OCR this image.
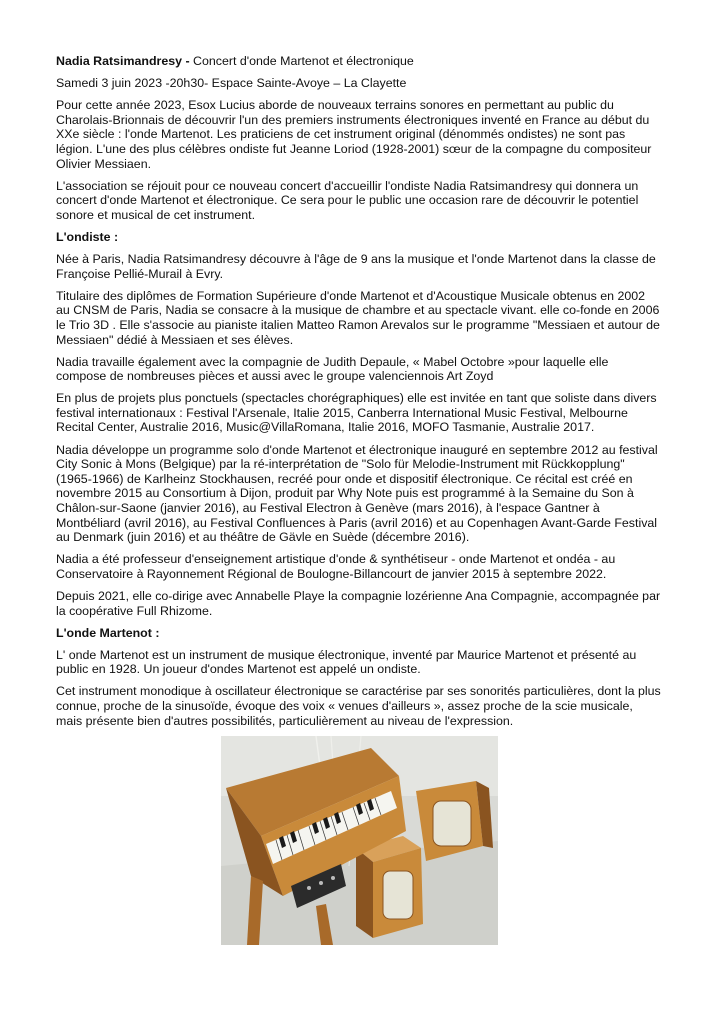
Nadia Ratsimandresy - Concert d'onde Martenot et électronique

Samedi 3 juin 2023 -20h30- Espace Sainte-Avoye – La Clayette

Pour cette année 2023, Esox Lucius aborde de nouveaux terrains sonores en permettant au public du Charolais-Brionnais de découvrir l'un des premiers instruments électroniques inventé en France au début du XXe siècle : l'onde Martenot. Les praticiens de cet instrument original (dénommés ondistes) ne sont pas légion. L'une des plus célèbres ondiste fut Jeanne Loriod (1928-2001) sœur de la compagne du compositeur Olivier Messiaen.

L'association se réjouit pour ce nouveau concert d'accueillir l'ondiste Nadia Ratsimandresy qui donnera un concert d'onde Martenot et électronique. Ce sera pour le public une occasion rare de découvrir le potentiel sonore et musical de cet instrument.

L'ondiste :

Née à Paris, Nadia Ratsimandresy découvre à l'âge de 9 ans la musique et l'onde Martenot dans la classe de Françoise Pellié-Murail à Evry.

Titulaire des diplômes de Formation Supérieure d'onde Martenot et d'Acoustique Musicale obtenus en 2002 au CNSM de Paris, Nadia se consacre à la musique de chambre et au spectacle vivant. elle co-fonde en 2006 le Trio 3D . Elle s'associe au pianiste italien Matteo Ramon Arevalos sur le programme "Messiaen et autour de Messiaen" dédié à Messiaen et ses élèves.

Nadia travaille également avec la compagnie de Judith Depaule, « Mabel Octobre »pour laquelle elle compose de nombreuses pièces et aussi avec le groupe valenciennois Art Zoyd

En plus de projets plus ponctuels (spectacles chorégraphiques) elle est invitée en tant que soliste dans divers festival internationaux : Festival l'Arsenale, Italie 2015, Canberra International Music Festival, Melbourne Recital Center, Australie 2016, Music@VillaRomana, Italie 2016, MOFO Tasmanie, Australie 2017.

Nadia développe un programme solo d'onde Martenot et électronique inauguré en septembre 2012 au festival City Sonic à Mons (Belgique) par la ré-interprétation de "Solo für Melodie-Instrument mit Rückkopplung" (1965-1966) de Karlheinz Stockhausen, recréé pour onde et dispositif électronique. Ce récital est créé en novembre 2015 au Consortium à Dijon, produit par Why Note puis est programmé à la Semaine du Son à Châlon-sur-Saone (janvier 2016), au Festival Electron à Genève (mars 2016), à l'espace Gantner à Montbéliard (avril 2016), au Festival Confluences à Paris (avril 2016) et au Copenhagen Avant-Garde Festival au Denmark (juin 2016) et au théâtre de Gävle en Suède (décembre 2016).

Nadia a été professeur d'enseignement artistique d'onde & synthétiseur - onde Martenot et ondéa - au Conservatoire à Rayonnement Régional de Boulogne-Billancourt de janvier 2015 à septembre 2022.

Depuis 2021, elle co-dirige avec Annabelle Playe la compagnie lozérienne Ana Compagnie, accompagnée par la coopérative Full Rhizome.

L'onde Martenot :

L' onde Martenot est un instrument de musique électronique, inventé par Maurice Martenot et présenté au public en 1928. Un joueur d'ondes Martenot est appelé un ondiste.

Cet instrument monodique à oscillateur électronique se caractérise par ses sonorités particulières, dont la plus connue, proche de la sinusoïde, évoque des voix « venues d'ailleurs », assez proche de la scie musicale, mais présente bien d'autres possibilités, particulièrement au niveau de l'expression.
